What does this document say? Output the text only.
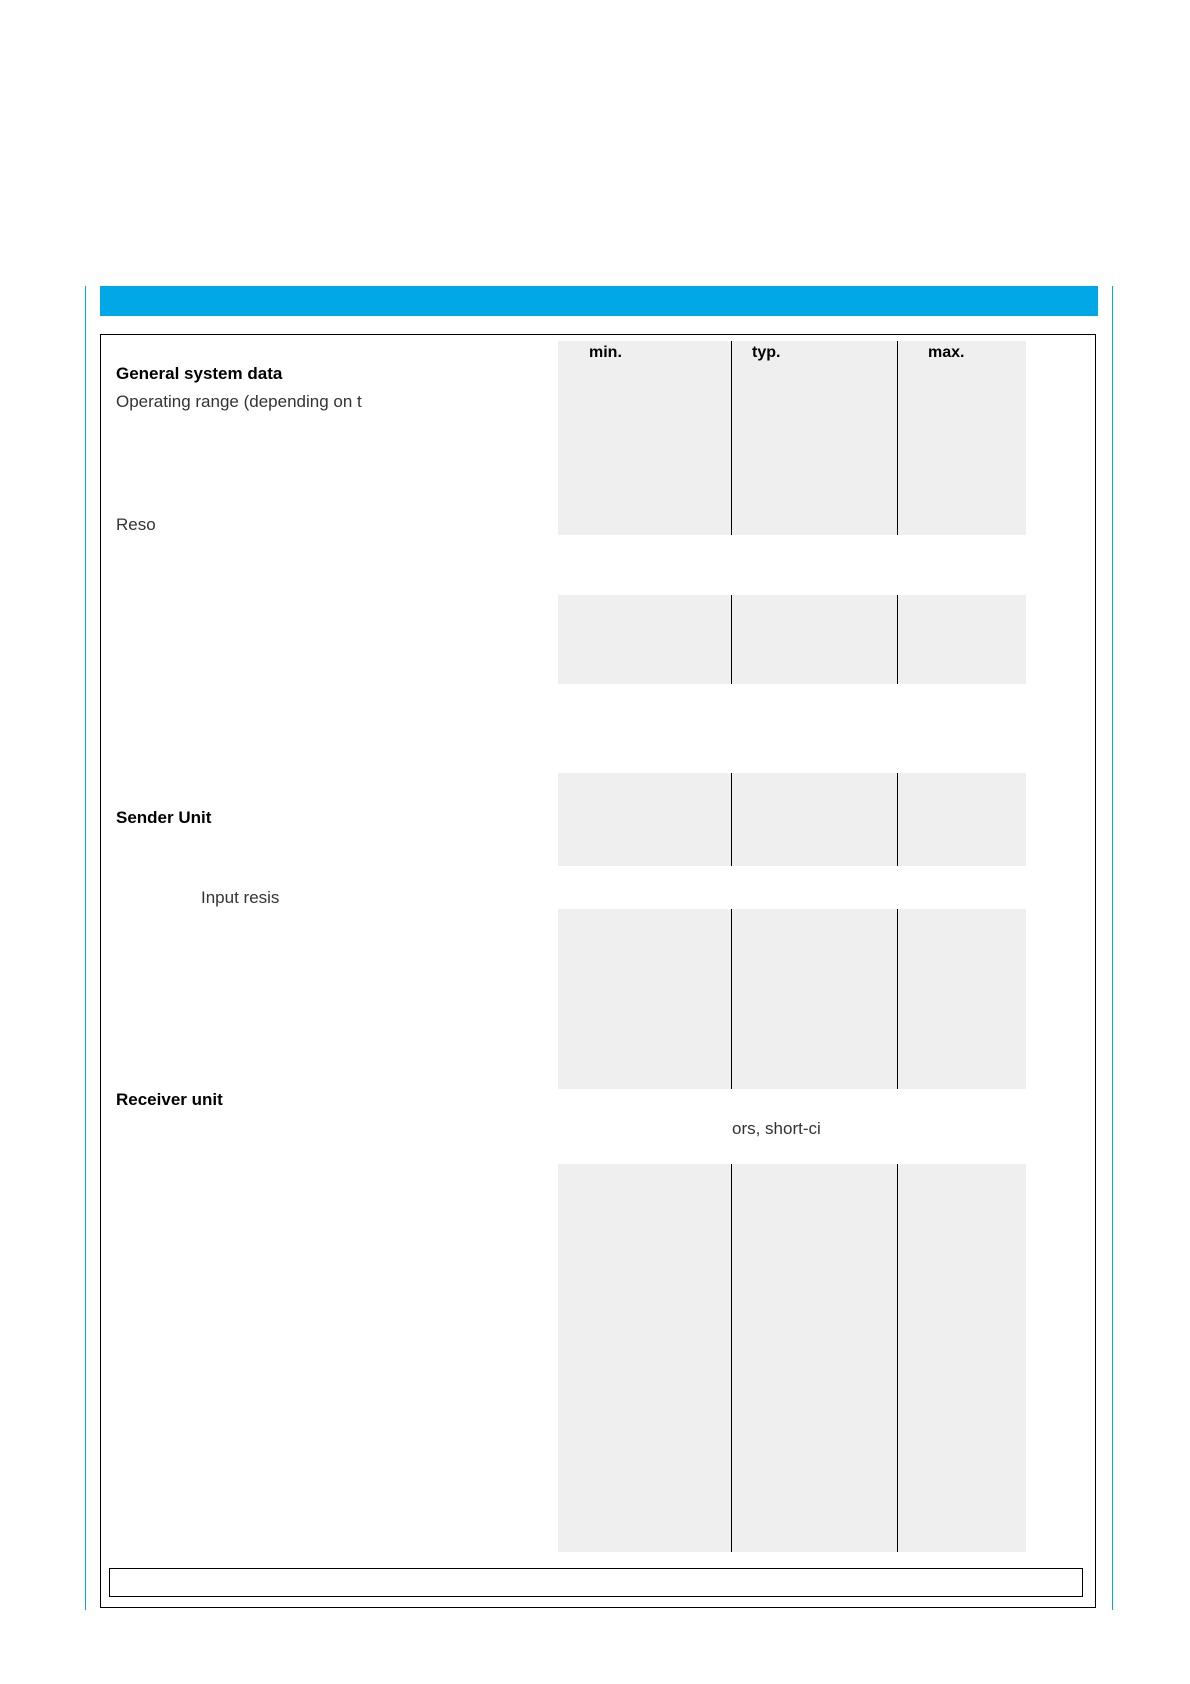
min.	typ.	max.
General system data
Operating range (depending on t
Reso
Sender Unit
Input resis
Receiver unit
ors, short-ci
